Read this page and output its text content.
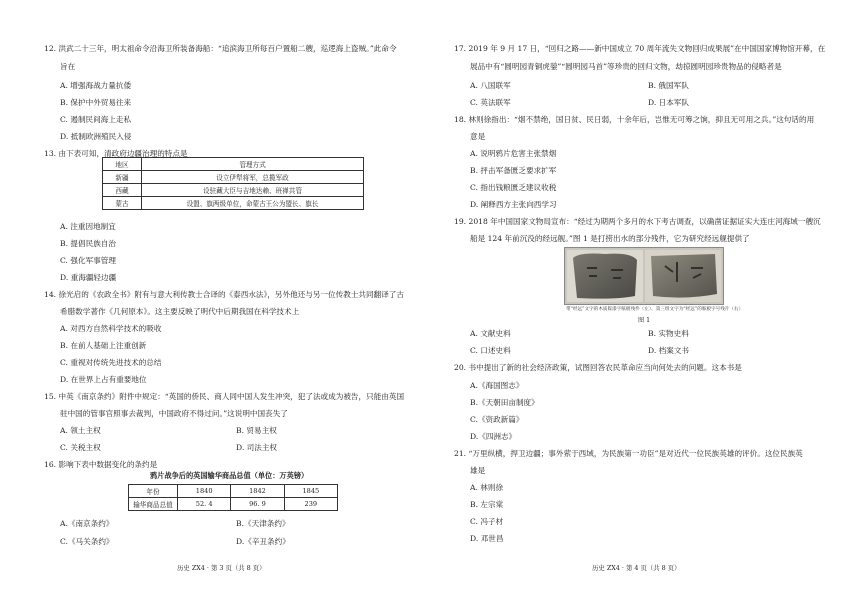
12. 洪武二十三年，明太祖命令沿海卫所装备海船：“追滨海卫所每百户置船二艘，巡逻海上盗贼。”此命令
旨在
A. 增强海战力量抗倭
B. 保护中外贸易往来
C. 遏制民间海上走私
D. 抵制欧洲殖民入侵
13. 由下表可知，清政府边疆治理的特点是
地区	管理方式
新疆	设立伊犁将军，总揽军政
西藏	设驻藏大臣与吉地达赖、班禅共管
蒙古	设盟、旗两级单位，命蒙古王公为盟长、旗长
A. 注重因地制宜
B. 提倡民族自治
C. 强化军事管理
D. 重海疆轻边疆
14. 徐光启的《农政全书》附有与意大利传教士合译的《泰西水法》，另外他还与另一位传教士共同翻译了古
希腊数学著作《几何原本》。这主要反映了明代中后期我国在科学技术上
A. 对西方自然科学技术的吸收
B. 在前人基础上注重创新
C. 重视对传统先进技术的总结
D. 在世界上占有重要地位
15. 中英《南京条约》附件中规定：“英国的侨民、商人同中国人发生冲突，犯了法或成为被告，只能由英国
驻中国的管事官照事去裁判，中国政府不得过问。”这说明中国丧失了
A. 领土主权	B. 贸易主权
C. 关税主权	D. 司法主权
16. 影响下表中数据变化的条约是
鸦片战争后的英国输华商品总值（单位：万英镑）
年份	1840	1842	1845
输华商品总值	52. 4	96. 9	239
A.《南京条约》	B.《天津条约》
C.《马关条约》	D.《辛丑条约》
历史 ZX4 · 第 3 页（共 8 页）
17. 2019 年 9 月 17 日，“回归之路——新中国成立 70 周年流失文物回归成果展”在中国国家博物馆开幕，在
展品中有“圆明园青铜虎鎣”“圆明园马首”等珍贵的回归文物，劫掠圆明园珍贵物品的侵略者是
A. 八国联军	B. 俄国军队
C. 英法联军	D. 日本军队
18. 林则徐指出：“烟不禁绝，国日贫、民日弱，十余年后，岂惟无可筹之饷，抑且无可用之兵。”这句话的用
意是
A. 说明鸦片危害主张禁烟
B. 抨击军备匮乏要求扩军
C. 指出钱粮匮乏建议收税
D. 阐释西方主张向西学习
19. 2018 年中国国家文物局宣布：“经过为期两个多月的水下考古调查，以确凿证据证实大连庄河海域一艘沉
船是 124 年前沉没的经远舰。”图 1 是打捞出水的部分残件，它为研究经远舰提供了
带“经远”文字的木质髹漆字舷板残件（左）、第三组文字为“经远”的舷板字号残片（右）
图 1
A. 文献史料	B. 实物史料
C. 口述史料	D. 档案文书
20. 书中提出了新的社会经济政策，试图回答农民革命应当向何处去的问题。这本书是
A.《海国图志》
B.《天朝田亩制度》
C.《资政新篇》
D.《四洲志》
21. “万里纵横，捍卫边疆；事外萦于西域，为民族第一功臣”是对近代一位民族英雄的评价。这位民族英
雄是
A. 林则徐
B. 左宗棠
C. 冯子材
D. 邓世昌
历史 ZX4 · 第 4 页（共 8 页）
